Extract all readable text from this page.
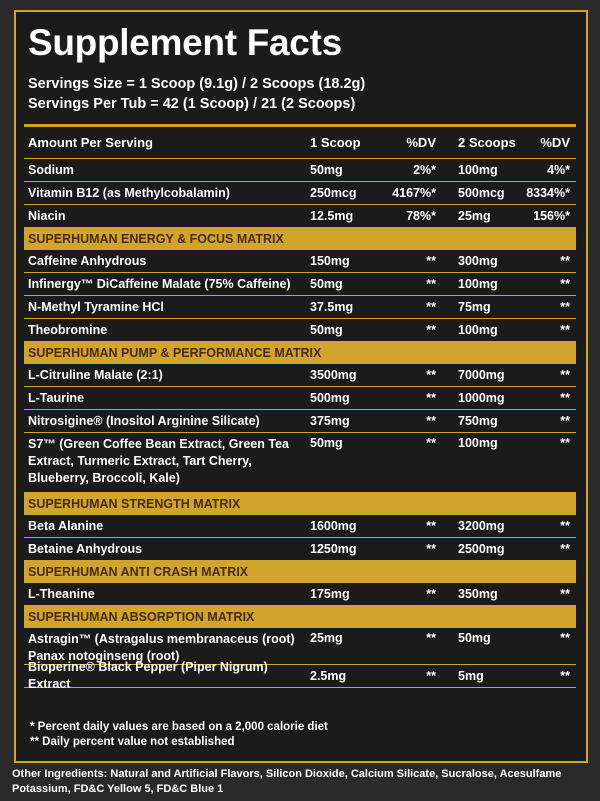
Supplement Facts
Servings Size = 1 Scoop (9.1g) / 2 Scoops (18.2g)
Servings Per Tub = 42 (1 Scoop) / 21 (2 Scoops)
Amount Per Serving	1 Scoop	%DV 2 Scoops	%DV
Sodium	50mg	2%* 100mg	4%*
Vitamin B12 (as Methylcobalamin)	250mcg	4167%* 500mcg	8334%*
Niacin	12.5mg	78%* 25mg	156%*
SUPERHUMAN ENERGY & FOCUS MATRIX
Caffeine Anhydrous	150mg	** 300mg	**
Infinergy™ DiCaffeine Malate (75% Caffeine)	50mg	** 100mg	**
N-Methyl Tyramine HCl	37.5mg	** 75mg	**
Theobromine	50mg	** 100mg	**
SUPERHUMAN PUMP & PERFORMANCE MATRIX
L-Citruline Malate (2:1)	3500mg	** 7000mg	**
L-Taurine	500mg	** 1000mg	**
Nitrosigine® (Inositol Arginine Silicate)	375mg	** 750mg	**
S7™ (Green Coffee Bean Extract, Green Tea Extract, Turmeric Extract, Tart Cherry, Blueberry, Broccoli, Kale)
50mg	** 100mg	**
SUPERHUMAN STRENGTH MATRIX
Beta Alanine	1600mg	** 3200mg	**
Betaine Anhydrous	1250mg	** 2500mg	**
SUPERHUMAN ANTI CRASH MATRIX
L-Theanine	175mg	** 350mg	**
SUPERHUMAN ABSORPTION MATRIX
Astragin™ (Astragalus membranaceus (root) Panax notoginseng (root)
25mg	** 50mg	**
Bioperine® Black Pepper (Piper Nigrum) Extract
2.5mg	** 5mg	**
* Percent daily values are based on a 2,000 calorie diet
** Daily percent value not established
Other Ingredients: Natural and Artificial Flavors, Silicon Dioxide, Calcium Silicate, Sucralose, Acesulfame Potassium, FD&C Yellow 5, FD&C Blue 1
